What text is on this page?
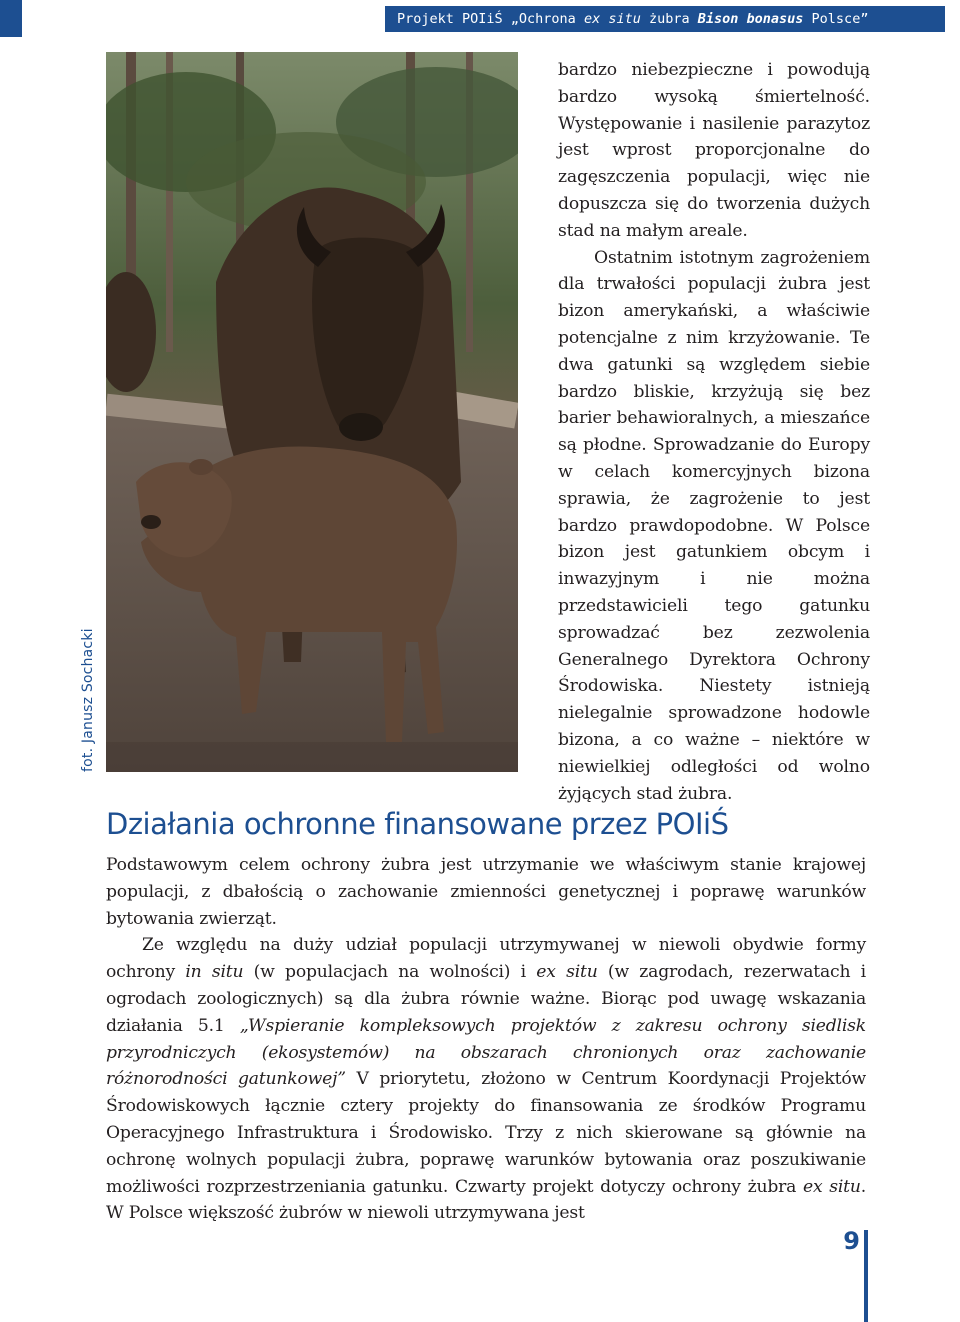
Projekt POIiŚ „Ochrona ex situ żubra Bison bonasus Polsce”
fot. Janusz Sochacki

bardzo niebezpieczne i powodują bardzo wysoką śmiertelność. Występowanie i nasilenie parazytoz jest wprost proporcjonalne do zagęszczenia populacji, więc nie dopuszcza się do tworzenia dużych stad na małym areale.

Ostatnim istotnym zagrożeniem dla trwałości populacji żubra jest bizon amerykański, a właściwie potencjalne z nim krzyżowanie. Te dwa gatunki są względem siebie bardzo bliskie, krzyżują się bez barier behawioralnych, a mieszańce są płodne. Sprowadzanie do Europy w celach komercyjnych bizona sprawia, że zagrożenie to jest bardzo prawdopodobne. W Polsce bizon jest gatunkiem obcym i inwazyjnym i nie można przedstawicieli tego gatunku sprowadzać bez zezwolenia Generalnego Dyrektora Ochrony Środowiska. Niestety istnieją nielegalnie sprowadzone hodowle bizona, a co ważne – niektóre w niewielkiej odległości od wolno żyjących stad żubra.

Działania ochronne finansowane przez POIiŚ

Podstawowym celem ochrony żubra jest utrzymanie we właściwym stanie krajowej populacji, z dbałością o zachowanie zmienności genetycznej i poprawę warunków bytowania zwierząt.

Ze względu na duży udział populacji utrzymywanej w niewoli obydwie formy ochrony in situ (w populacjach na wolności) i ex situ (w zagrodach, rezerwatach i ogrodach zoologicznych) są dla żubra równie ważne. Biorąc pod uwagę wskazania działania 5.1 „Wspieranie kompleksowych projektów z zakresu ochrony siedlisk przyrodniczych (ekosystemów) na obszarach chronionych oraz zachowanie różnorodności gatunkowej” V priorytetu, złożono w Centrum Koordynacji Projektów Środowiskowych łącznie cztery projekty do finansowania ze środków Programu Operacyjnego Infrastruktura i Środowisko. Trzy z nich skierowane są głównie na ochronę wolnych populacji żubra, poprawę warunków bytowania oraz poszukiwanie możliwości rozprzestrzeniania gatunku. Czwarty projekt dotyczy ochrony żubra ex situ. W Polsce większość żubrów w niewoli utrzymywana jest

9
